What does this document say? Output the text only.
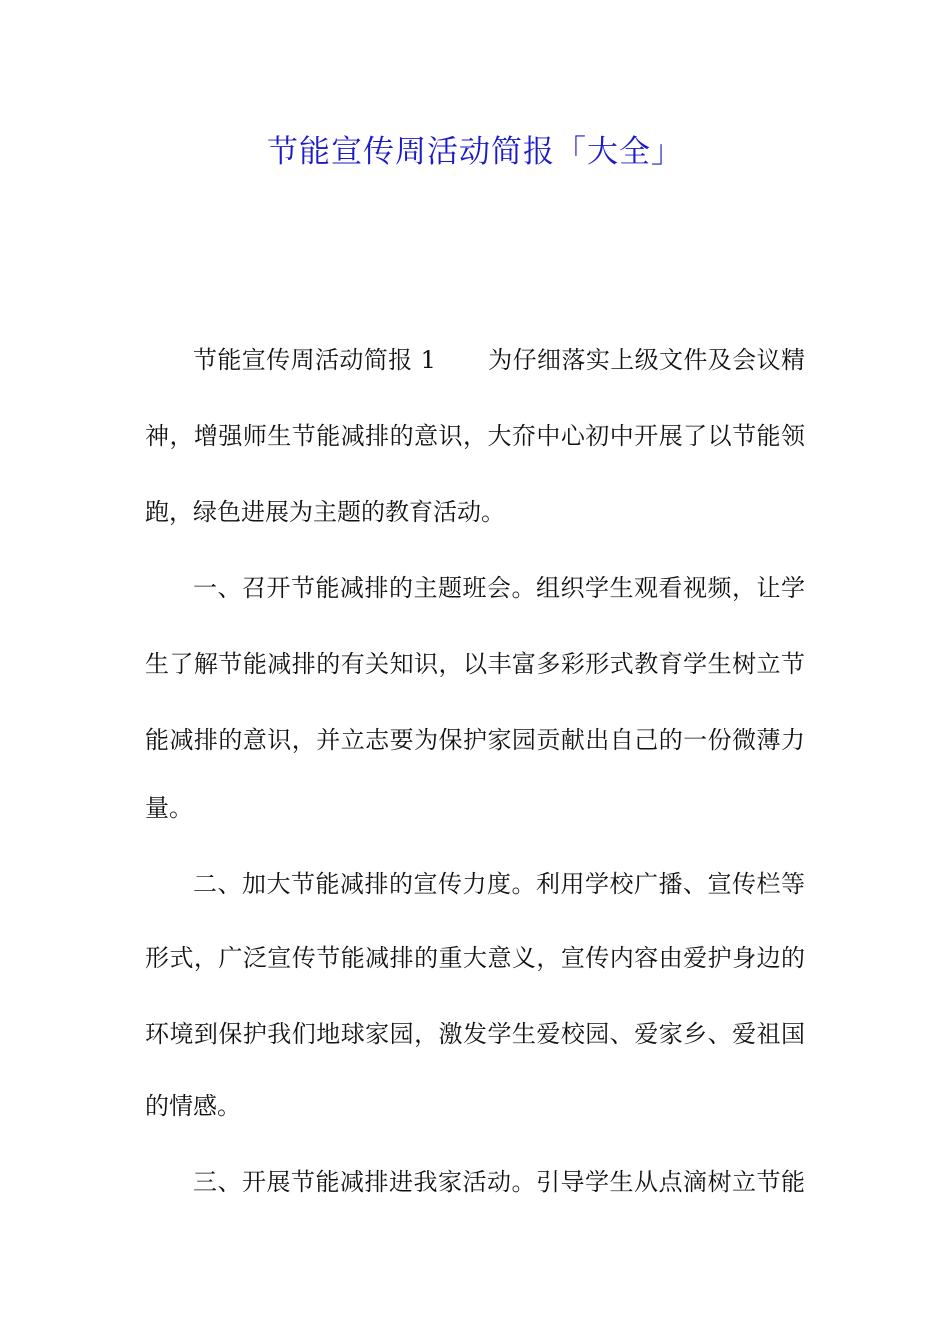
节能宣传周活动简报「大全」
节能宣传周活动简报 1 为仔细落实上级文件及会议精
神，增强师生节能减排的意识，大夼中心初中开展了以节能领
跑，绿色进展为主题的教育活动。
一、召开节能减排的主题班会。组织学生观看视频，让学
生了解节能减排的有关知识，以丰富多彩形式教育学生树立节
能减排的意识，并立志要为保护家园贡献出自己的一份微薄力
量。
二、加大节能减排的宣传力度。利用学校广播、宣传栏等
形式，广泛宣传节能减排的重大意义，宣传内容由爱护身边的
环境到保护我们地球家园，激发学生爱校园、爱家乡、爱祖国
的情感。
三、开展节能减排进我家活动。引导学生从点滴树立节能
